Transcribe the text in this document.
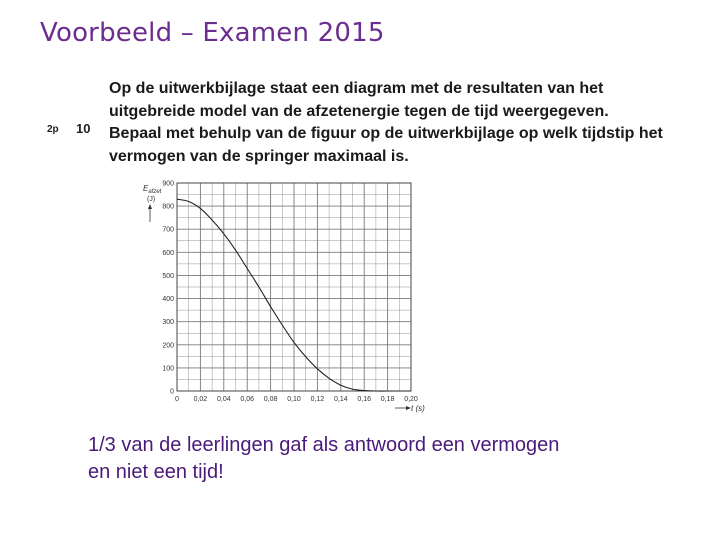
Voorbeeld – Examen 2015
2p 10
Op de uitwerkbijlage staat een diagram met de resultaten van het
uitgebreide model van de afzetenergie tegen de tijd weergegeven.
Bepaal met behulp van de figuur op de uitwerkbijlage op welk tijdstip het
vermogen van de springer maximaal is.
$E_{afzet}$
(J)
t (s)
0 0,02 0,04 0,06 0,08 0,10 0,12 0,14 0,16 0,18 0,20
0
100
200
300
400
500
600
700
800
900
1/3 van de leerlingen gaf als antwoord een vermogen
en niet een tijd!
